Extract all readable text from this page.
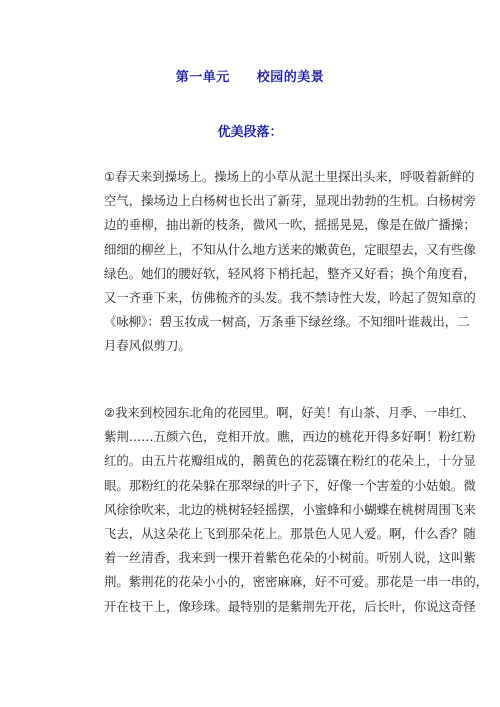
第一单元　　校园的美景
优美段落：
①春天来到操场上。操场上的小草从泥土里探出头来，呼吸着新鲜的
空气，操场边上白杨树也长出了新芽，显现出勃勃的生机。白杨树旁
边的垂柳，抽出新的枝条，微风一吹，摇摇晃晃，像是在做广播操；
细细的柳丝上，不知从什么地方送来的嫩黄色，定眼望去，又有些像
绿色。她们的腰好软，轻风将下梢托起，整齐又好看；换个角度看，
又一齐垂下来，仿佛梳齐的头发。我不禁诗性大发，吟起了贺知章的
《咏柳》：碧玉妆成一树高，万条垂下绿丝绦。不知细叶谁裁出，二
月春风似剪刀。
②我来到校园东北角的花园里。啊，好美！有山茶、月季、一串红、
紫荆……五颜六色，竞相开放。瞧，西边的桃花开得多好啊！粉红粉
红的。由五片花瓣组成的，鹅黄色的花蕊镶在粉红的花朵上，十分显
眼。那粉红的花朵躲在那翠绿的叶子下，好像一个害羞的小姑娘。微
风徐徐吹来，北边的桃树轻轻摇摆，小蜜蜂和小蝴蝶在桃树周围飞来
飞去，从这朵花上飞到那朵花上。那景色人见人爱。啊，什么香？随
着一丝清香，我来到一棵开着紫色花朵的小树前。听别人说，这叫紫
荆。紫荆花的花朵小小的，密密麻麻，好不可爱。那花是一串一串的，
开在枝干上，像珍珠。最特别的是紫荆先开花，后长叶，你说这奇怪
